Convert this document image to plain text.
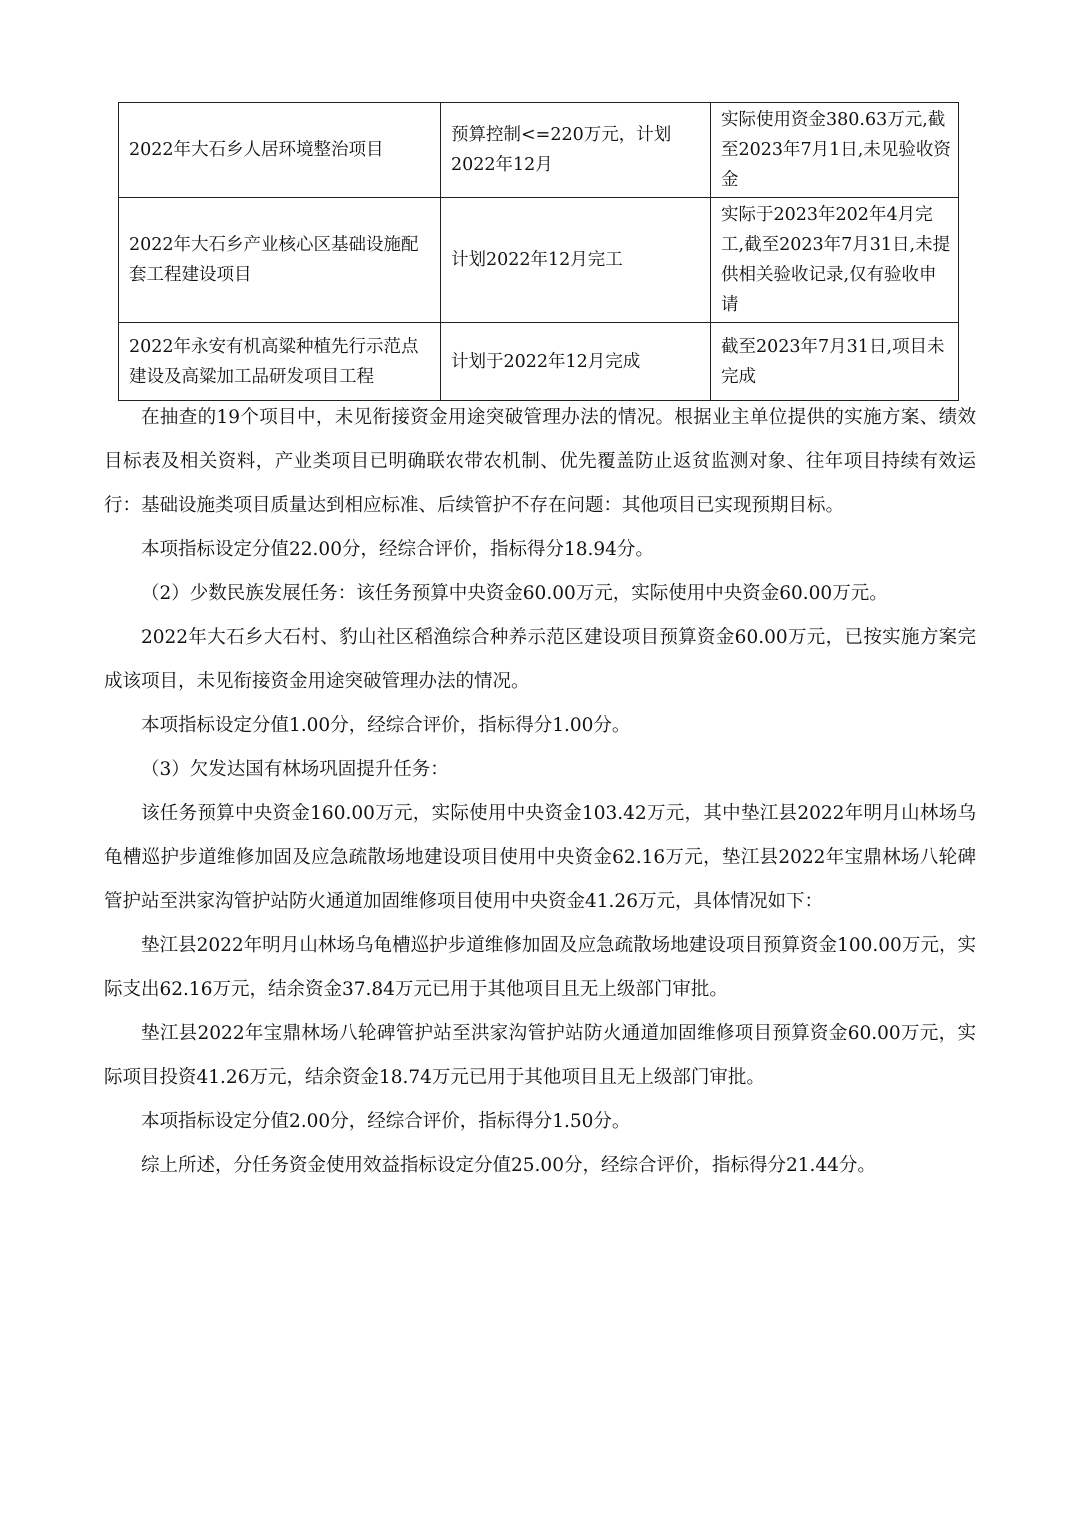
2022年大石乡人居环境整治项目	预算控制<=220万元，计划2022年12月	实际使用资金380.63万元,截至2023年7月1日,未见验收资金
2022年大石乡产业核心区基础设施配套工程建设项目	计划2022年12月完工	实际于2023年202年4月完工,截至2023年7月31日,未提供相关验收记录,仅有验收申请
2022年永安有机高粱种植先行示范点建设及高粱加工品研发项目工程	计划于2022年12月完成	截至2023年7月31日,项目未完成

在抽查的19个项目中，未见衔接资金用途突破管理办法的情况。根据业主单位提供的实施方案、绩效目标表及相关资料，产业类项目已明确联农带农机制、优先覆盖防止返贫监测对象、往年项目持续有效运行：基础设施类项目质量达到相应标准、后续管护不存在问题：其他项目已实现预期目标。

本项指标设定分值22.00分，经综合评价，指标得分18.94分。

（2）少数民族发展任务：该任务预算中央资金60.00万元，实际使用中央资金60.00万元。

2022年大石乡大石村、豹山社区稻渔综合种养示范区建设项目预算资金60.00万元，已按实施方案完成该项目，未见衔接资金用途突破管理办法的情况。

本项指标设定分值1.00分，经综合评价，指标得分1.00分。

（3）欠发达国有林场巩固提升任务：

该任务预算中央资金160.00万元，实际使用中央资金103.42万元，其中垫江县2022年明月山林场乌龟槽巡护步道维修加固及应急疏散场地建设项目使用中央资金62.16万元，垫江县2022年宝鼎林场八轮碑管护站至洪家沟管护站防火通道加固维修项目使用中央资金41.26万元，具体情况如下：

垫江县2022年明月山林场乌龟槽巡护步道维修加固及应急疏散场地建设项目预算资金100.00万元，实际支出62.16万元，结余资金37.84万元已用于其他项目且无上级部门审批。

垫江县2022年宝鼎林场八轮碑管护站至洪家沟管护站防火通道加固维修项目预算资金60.00万元，实际项目投资41.26万元，结余资金18.74万元已用于其他项目且无上级部门审批。

本项指标设定分值2.00分，经综合评价，指标得分1.50分。

综上所述，分任务资金使用效益指标设定分值25.00分，经综合评价，指标得分21.44分。
